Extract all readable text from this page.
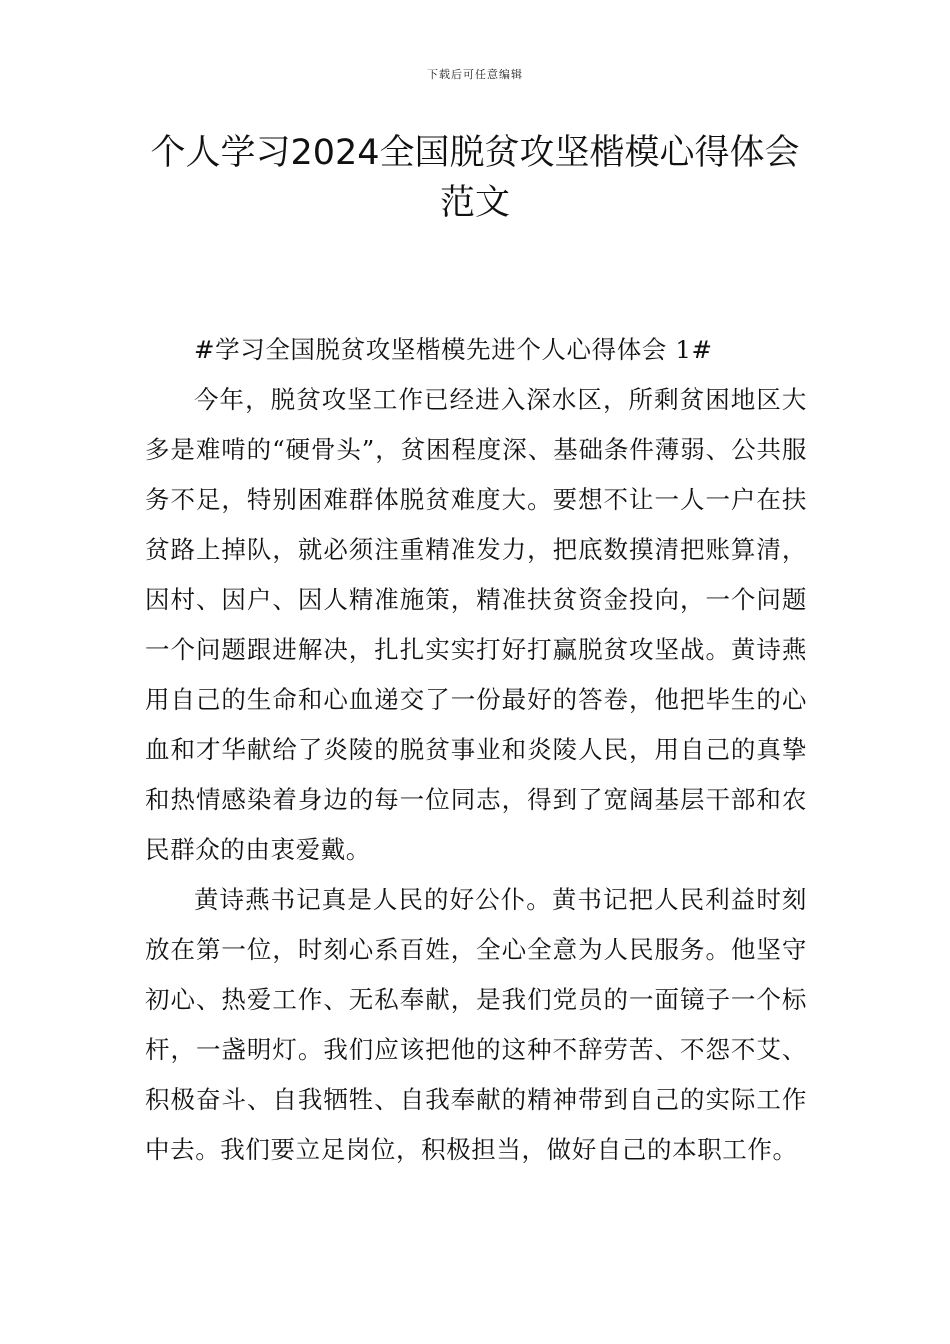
下载后可任意编辑
个人学习2024全国脱贫攻坚楷模心得体会
范文

#学习全国脱贫攻坚楷模先进个人心得体会 1#

今年，脱贫攻坚工作已经进入深水区，所剩贫困地区大多是难啃的“硬骨头”，贫困程度深、基础条件薄弱、公共服务不足，特别困难群体脱贫难度大。要想不让一人一户在扶贫路上掉队，就必须注重精准发力，把底数摸清把账算清，因村、因户、因人精准施策，精准扶贫资金投向，一个问题一个问题跟进解决，扎扎实实打好打赢脱贫攻坚战。黄诗燕用自己的生命和心血递交了一份最好的答卷，他把毕生的心血和才华献给了炎陵的脱贫事业和炎陵人民，用自己的真挚和热情感染着身边的每一位同志，得到了宽阔基层干部和农民群众的由衷爱戴。

黄诗燕书记真是人民的好公仆。黄书记把人民利益时刻放在第一位，时刻心系百姓，全心全意为人民服务。他坚守初心、热爱工作、无私奉献，是我们党员的一面镜子一个标杆，一盏明灯。我们应该把他的这种不辞劳苦、不怨不艾、积极奋斗、自我牺牲、自我奉献的精神带到自己的实际工作中去。我们要立足岗位，积极担当，做好自己的本职工作。
